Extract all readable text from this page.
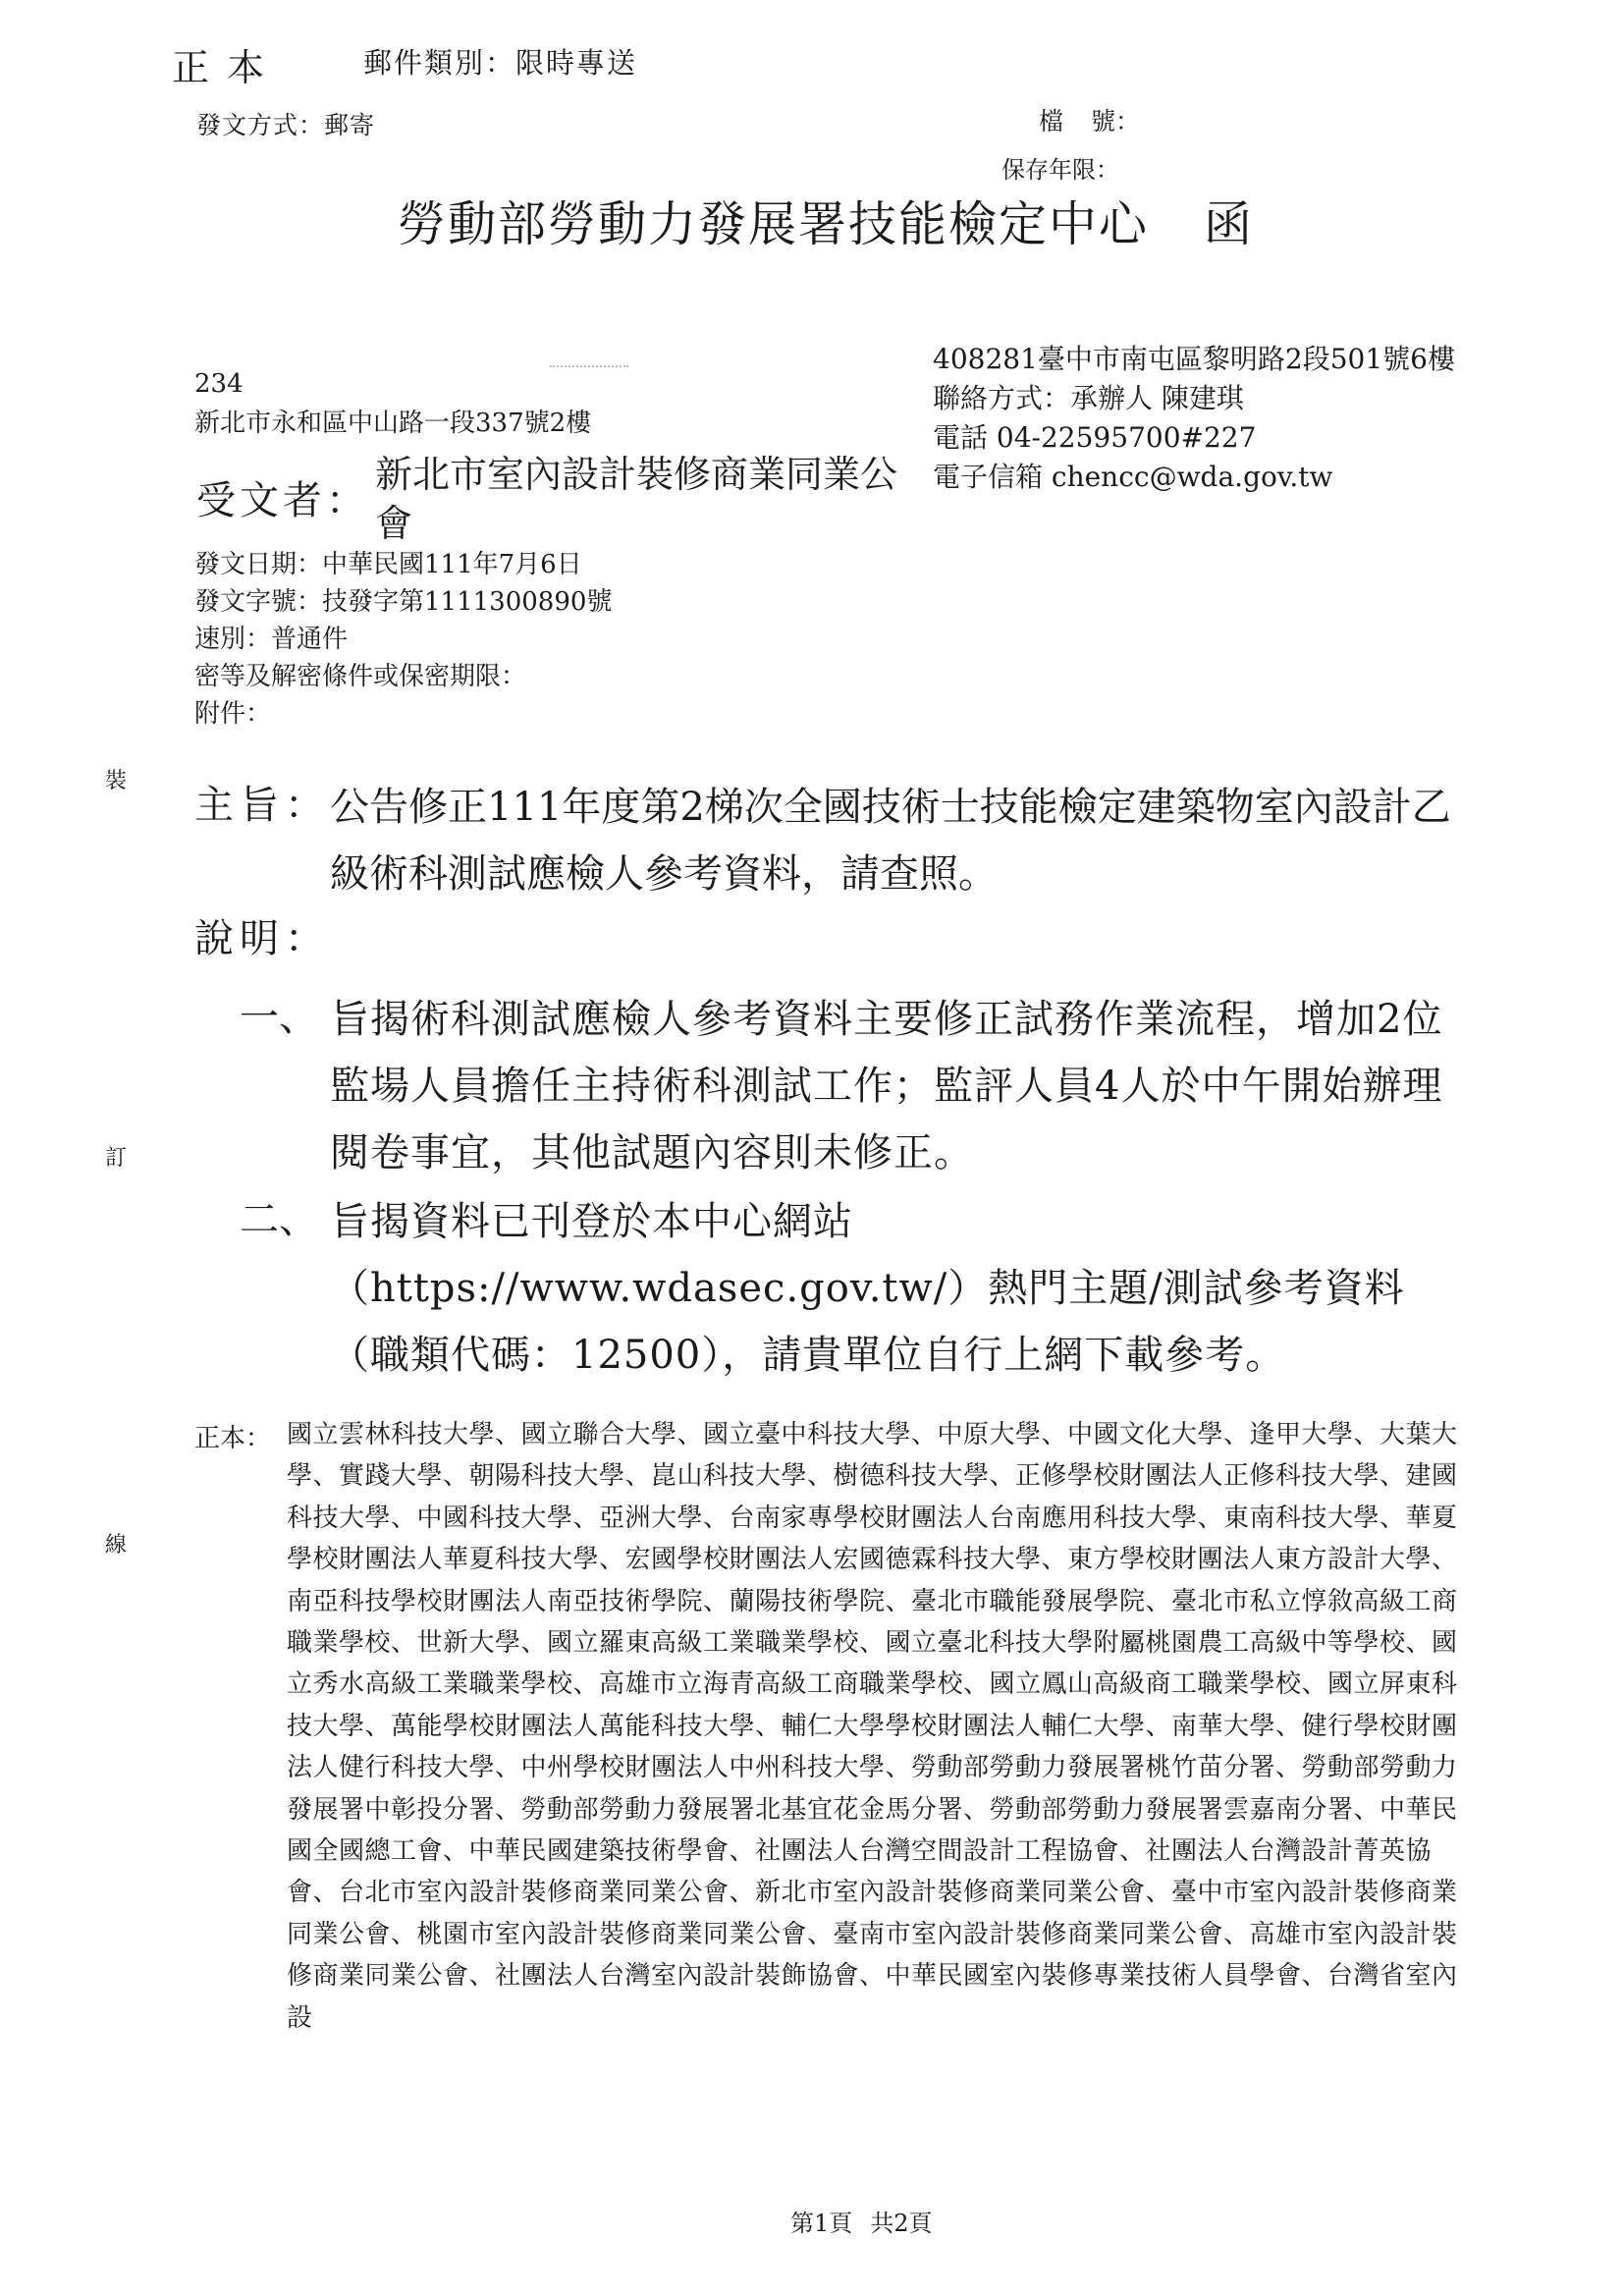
正本	郵件類別：限時專送
發文方式：郵寄	檔號：
保存年限：
勞動部勞動力發展署技能檢定中心 函
408281臺中市南屯區黎明路2段501號6樓
聯絡方式：承辦人 陳建琪
電話 04-22595700#227
電子信箱 chencc@wda.gov.tw
234
新北市永和區中山路一段337號2樓
受文者：
新北市室內設計裝修商業同業公會
發文日期：中華民國111年7月6日
發文字號：技發字第1111300890號
速別：普通件
密等及解密條件或保密期限：
附件：
裝
訂
線
主旨： 公告修正111年度第2梯次全國技術士技能檢定建築物室內設計乙級術科測試應檢人參考資料，請查照。
說明：
一、 旨揭術科測試應檢人參考資料主要修正試務作業流程，增加2位監場人員擔任主持術科測試工作；監評人員4人於中午開始辦理閱卷事宜，其他試題內容則未修正。
二、 旨揭資料已刊登於本中心網站（https://www.wdasec.gov.tw/）熱門主題/測試參考資料（職類代碼：12500），請貴單位自行上網下載參考。
正本： 國立雲林科技大學、國立聯合大學、國立臺中科技大學、中原大學、中國文化大學、逢甲大學、大葉大學、實踐大學、朝陽科技大學、崑山科技大學、樹德科技大學、正修學校財團法人正修科技大學、建國科技大學、中國科技大學、亞洲大學、台南家專學校財團法人台南應用科技大學、東南科技大學、華夏學校財團法人華夏科技大學、宏國學校財團法人宏國德霖科技大學、東方學校財團法人東方設計大學、南亞科技學校財團法人南亞技術學院、蘭陽技術學院、臺北市職能發展學院、臺北市私立惇敘高級工商職業學校、世新大學、國立羅東高級工業職業學校、國立臺北科技大學附屬桃園農工高級中等學校、國立秀水高級工業職業學校、高雄市立海青高級工商職業學校、國立鳳山高級商工職業學校、國立屏東科技大學、萬能學校財團法人萬能科技大學、輔仁大學學校財團法人輔仁大學、南華大學、健行學校財團法人健行科技大學、中州學校財團法人中州科技大學、勞動部勞動力發展署桃竹苗分署、勞動部勞動力發展署中彰投分署、勞動部勞動力發展署北基宜花金馬分署、勞動部勞動力發展署雲嘉南分署、中華民國全國總工會、中華民國建築技術學會、社團法人台灣空間設計工程協會、社團法人台灣設計菁英協會、台北市室內設計裝修商業同業公會、新北市室內設計裝修商業同業公會、臺中市室內設計裝修商業同業公會、桃園市室內設計裝修商業同業公會、臺南市室內設計裝修商業同業公會、高雄市室內設計裝修商業同業公會、社團法人台灣室內設計裝飾協會、中華民國室內裝修專業技術人員學會、台灣省室內設
第1頁 共2頁
